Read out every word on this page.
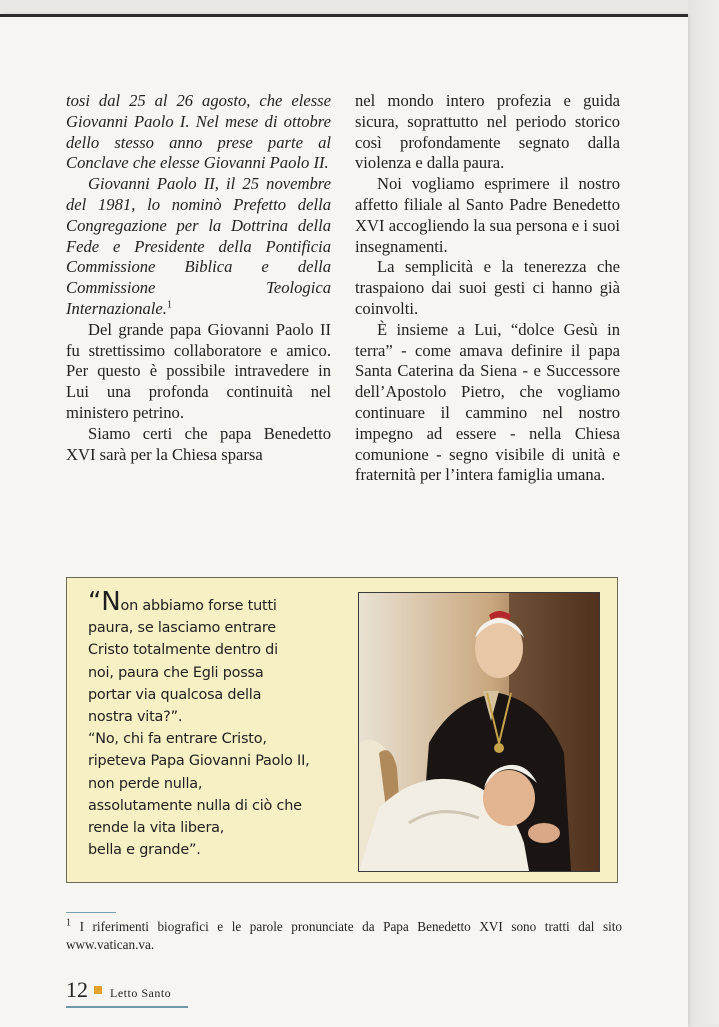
tosi dal 25 al 26 agosto, che elesse Giovanni Paolo I. Nel mese di ottobre dello stesso anno prese parte al Conclave che elesse Giovanni Paolo II.

Giovanni Paolo II, il 25 novembre del 1981, lo nominò Prefetto della Congregazione per la Dottrina della Fede e Presidente della Pontificia Commissione Biblica e della Commissione Teologica Internazionale.$^1$

Del grande papa Giovanni Paolo II fu strettissimo collaboratore e amico. Per questo è possibile intravedere in Lui una profonda continuità nel ministero petrino.

Siamo certi che papa Benedetto XVI sarà per la Chiesa sparsa

nel mondo intero profezia e guida sicura, soprattutto nel periodo storico così profondamente segnato dalla violenza e dalla paura.

Noi vogliamo esprimere il nostro affetto filiale al Santo Padre Benedetto XVI accogliendo la sua persona e i suoi insegnamenti.

La semplicità e la tenerezza che traspaiono dai suoi gesti ci hanno già coinvolti.

È insieme a Lui, “dolce Gesù in terra” - come amava definire il papa Santa Caterina da Siena - e Successore dell’Apostolo Pietro, che vogliamo continuare il cammino nel nostro impegno ad essere - nella Chiesa comunione - segno visibile di unità e fraternità per l’intera famiglia umana.

“Non abbiamo forse tutti
paura, se lasciamo entrare
Cristo totalmente dentro di
noi, paura che Egli possa
portar via qualcosa della
nostra vita?”.
“No, chi fa entrare Cristo,
ripeteva Papa Giovanni Paolo II,
non perde nulla,
assolutamente nulla di ciò che
rende la vita libera,
bella e grande”.
$^1$ I riferimenti biografici e le parole pronunciate da Papa Benedetto XVI sono tratti dal sito www.vatican.va.
12 Letto Santo
